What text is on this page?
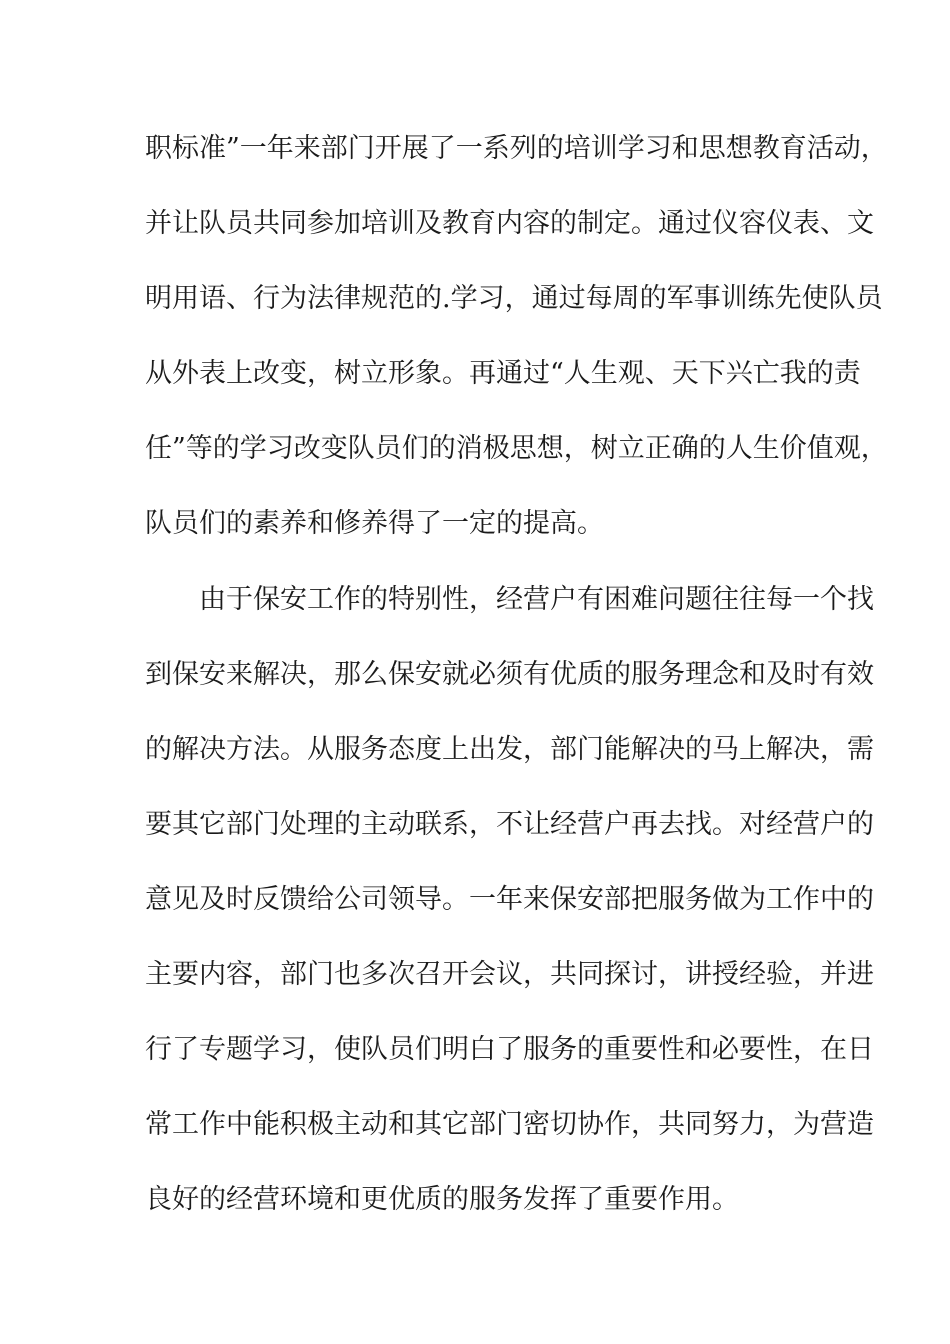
职标准”一年来部门开展了一系列的培训学习和思想教育活动，
并让队员共同参加培训及教育内容的制定。通过仪容仪表、文
明用语、行为法律规范的.学习，通过每周的军事训练先使队员
从外表上改变，树立形象。再通过“人生观、天下兴亡我的责
任”等的学习改变队员们的消极思想，树立正确的人生价值观，
队员们的素养和修养得了一定的提高。
由于保安工作的特别性，经营户有困难问题往往每一个找
到保安来解决，那么保安就必须有优质的服务理念和及时有效
的解决方法。从服务态度上出发，部门能解决的马上解决，需
要其它部门处理的主动联系，不让经营户再去找。对经营户的
意见及时反馈给公司领导。一年来保安部把服务做为工作中的
主要内容，部门也多次召开会议，共同探讨，讲授经验，并进
行了专题学习，使队员们明白了服务的重要性和必要性，在日
常工作中能积极主动和其它部门密切协作，共同努力，为营造
良好的经营环境和更优质的服务发挥了重要作用。
